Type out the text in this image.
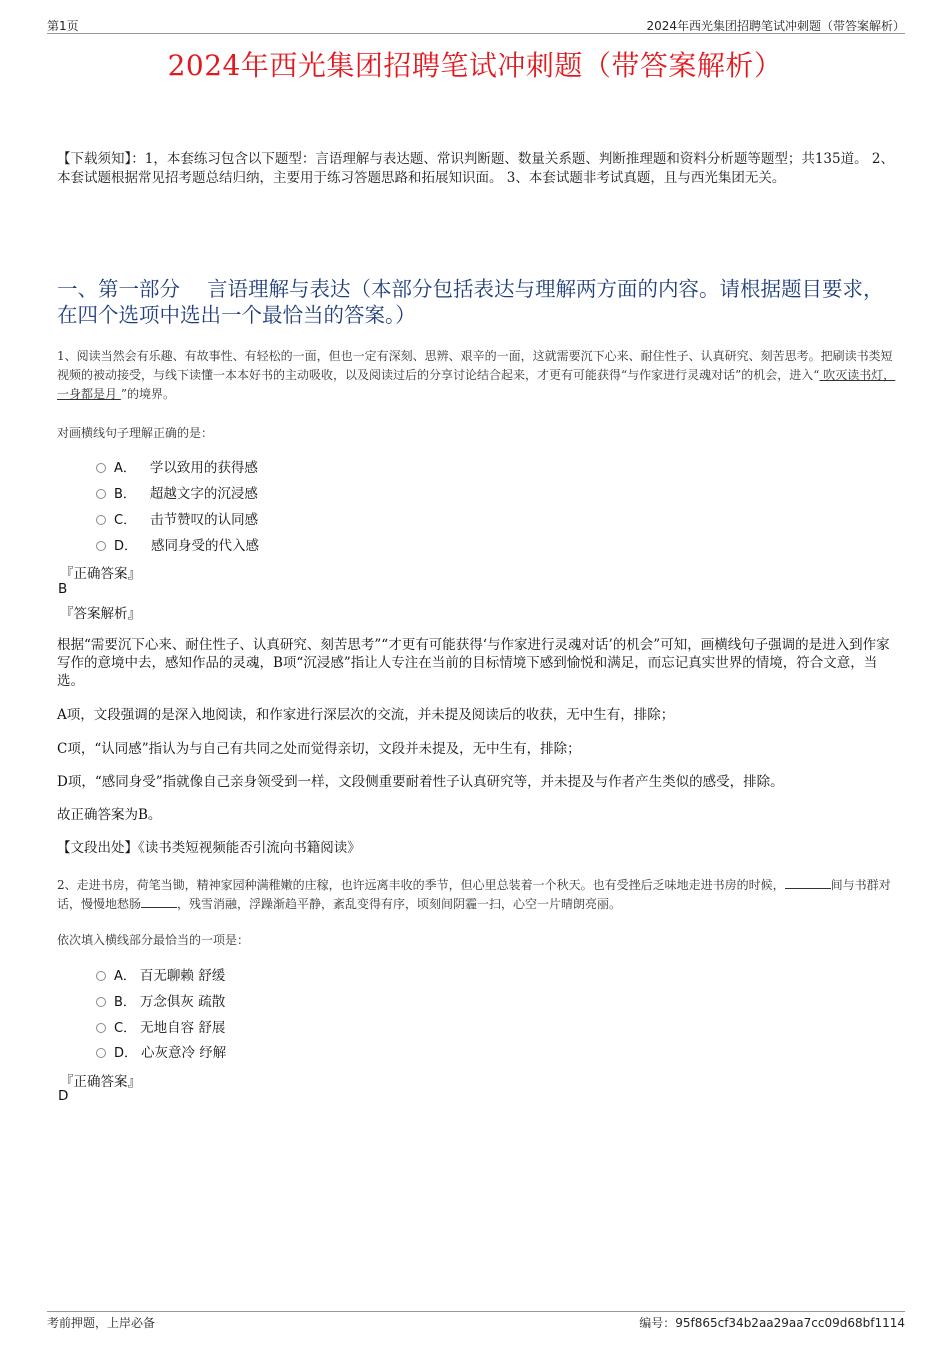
第1页	2024年西光集团招聘笔试冲刺题（带答案解析）
2024年西光集团招聘笔试冲刺题（带答案解析）
【下载须知】：1，本套练习包含以下题型：言语理解与表达题、常识判断题、数量关系题、判断推理题和资料分析题等题型；共135道。 2、本套试题根据常见招考题总结归纳，主要用于练习答题思路和拓展知识面。 3、本套试题非考试真题，且与西光集团无关。
一、第一部分　 言语理解与表达（本部分包括表达与理解两方面的内容。请根据题目要求，在四个选项中选出一个最恰当的答案。）
1、阅读当然会有乐趣、有故事性、有轻松的一面，但也一定有深刻、思辨、艰辛的一面，这就需要沉下心来、耐住性子、认真研究、刻苦思考。把刷读书类短视频的被动接受，与线下读懂一本本好书的主动吸收，以及阅读过后的分享讨论结合起来，才更有可能获得“与作家进行灵魂对话”的机会，进入“ 吹灭读书灯，一身都是月 ”的境界。
对画横线句子理解正确的是：
A． 学以致用的获得感
B． 超越文字的沉浸感
C． 击节赞叹的认同感
D． 感同身受的代入感
『正确答案』
B
『答案解析』
根据“需要沉下心来、耐住性子、认真研究、刻苦思考”“才更有可能获得‘与作家进行灵魂对话’的机会”可知，画横线句子强调的是进入到作家写作的意境中去，感知作品的灵魂，B项“沉浸感”指让人专注在当前的目标情境下感到愉悦和满足，而忘记真实世界的情境，符合文意，当选。
A项，文段强调的是深入地阅读，和作家进行深层次的交流，并未提及阅读后的收获，无中生有，排除；
C项，“认同感”指认为与自己有共同之处而觉得亲切，文段并未提及，无中生有，排除；
D项，“感同身受”指就像自己亲身领受到一样，文段侧重要耐着性子认真研究等，并未提及与作者产生类似的感受，排除。
故正确答案为B。
【文段出处】《读书类短视频能否引流向书籍阅读》
2、走进书房，荷笔当锄，精神家园种满稚嫩的庄稼，也许远离丰收的季节，但心里总装着一个秋天。也有受挫后乏味地走进书房的时候，	间与书群对话，慢慢地愁肠	，残雪消融，浮躁渐趋平静，紊乱变得有序，顷刻间阴霾一扫，心空一片晴朗亮丽。
依次填入横线部分最恰当的一项是：
A． 百无聊赖 舒缓
B． 万念俱灰 疏散
C． 无地自容 舒展
D． 心灰意冷 纾解
『正确答案』
D
考前押题，上岸必备	编号：95f865cf34b2aa29aa7cc09d68bf1114
